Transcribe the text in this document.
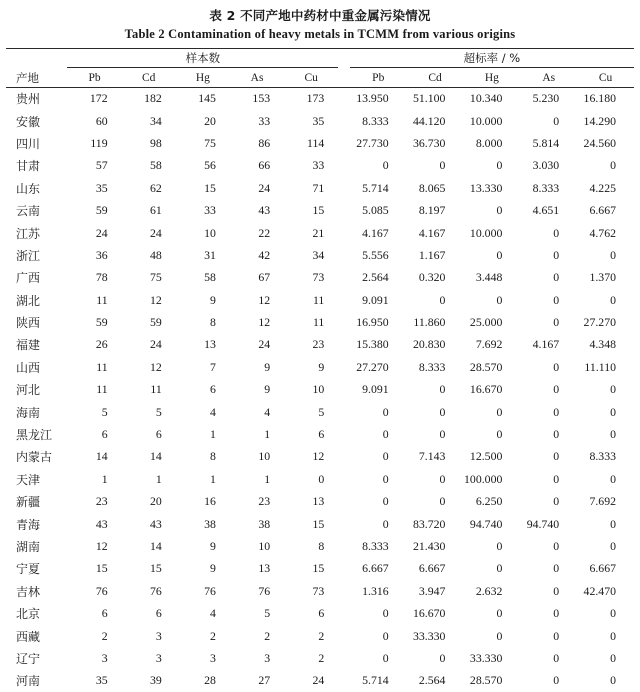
表 2 不同产地中药材中重金属污染情况
Table 2 Contamination of heavy metals in TCMM from various origins
产地	样本数						超标率 / %				
	Pb	Cd	Hg	As	Cu		Pb	Cd	Hg	As	Cu
贵州	172	182	145	153	173		13.950	51.100	10.340	5.230	16.180
安徽	60	34	20	33	35		8.333	44.120	10.000	0	14.290
四川	119	98	75	86	114		27.730	36.730	8.000	5.814	24.560
甘肃	57	58	56	66	33		0	0	0	3.030	0
山东	35	62	15	24	71		5.714	8.065	13.330	8.333	4.225
云南	59	61	33	43	15		5.085	8.197	0	4.651	6.667
江苏	24	24	10	22	21		4.167	4.167	10.000	0	4.762
浙江	36	48	31	42	34		5.556	1.167	0	0	0
广西	78	75	58	67	73		2.564	0.320	3.448	0	1.370
湖北	11	12	9	12	11		9.091	0	0	0	0
陕西	59	59	8	12	11		16.950	11.860	25.000	0	27.270
福建	26	24	13	24	23		15.380	20.830	7.692	4.167	4.348
山西	11	12	7	9	9		27.270	8.333	28.570	0	11.110
河北	11	11	6	9	10		9.091	0	16.670	0	0
海南	5	5	4	4	5		0	0	0	0	0
黑龙江	6	6	1	1	6		0	0	0	0	0
内蒙古	14	14	8	10	12		0	7.143	12.500	0	8.333
天津	1	1	1	1	0		0	0	100.000	0	0
新疆	23	20	16	23	13		0	0	6.250	0	7.692
青海	43	43	38	38	15		0	83.720	94.740	94.740	0
湖南	12	14	9	10	8		8.333	21.430	0	0	0
宁夏	15	15	9	13	15		6.667	6.667	0	0	6.667
吉林	76	76	76	76	73		1.316	3.947	2.632	0	42.470
北京	6	6	4	5	6		0	16.670	0	0	0
西藏	2	3	2	2	2		0	33.330	0	0	0
辽宁	3	3	3	3	2		0	0	33.330	0	0
河南	35	39	28	27	24		5.714	2.564	28.570	0	0
